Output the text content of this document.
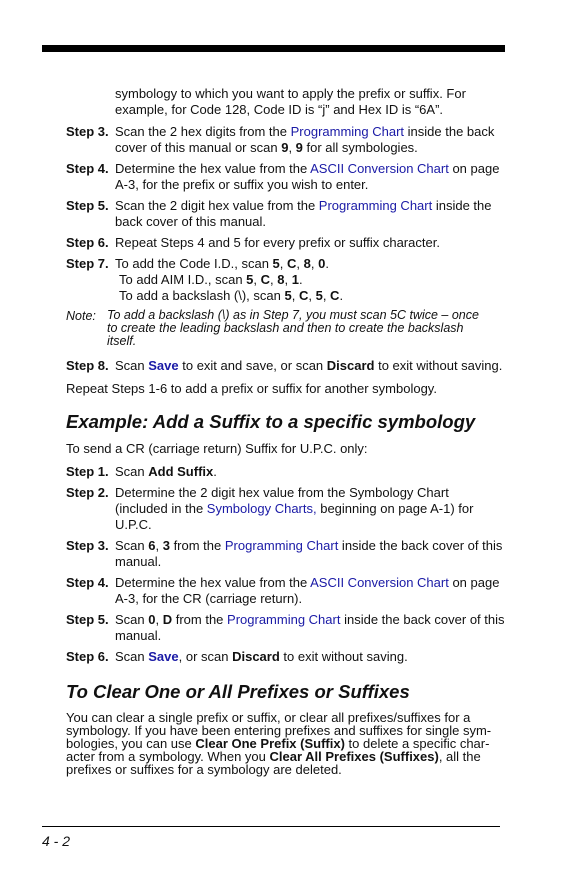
symbology to which you want to apply the prefix or suffix. For
example, for Code 128, Code ID is “j” and Hex ID is “6A”.

Step 3. Scan the 2 hex digits from the Programming Chart inside the back
cover of this manual or scan 9, 9 for all symbologies.
Step 4. Determine the hex value from the ASCII Conversion Chart on page
A-3, for the prefix or suffix you wish to enter.
Step 5. Scan the 2 digit hex value from the Programming Chart inside the
back cover of this manual.
Step 6. Repeat Steps 4 and 5 for every prefix or suffix character.
Step 7. To add the Code I.D., scan 5, C, 8, 0.
To add AIM I.D., scan 5, C, 8, 1.
To add a backslash (\), scan 5, C, 5, C.
Note: To add a backslash (\) as in Step 7, you must scan 5C twice – once
to create the leading backslash and then to create the backslash
itself.
Step 8. Scan Save to exit and save, or scan Discard to exit without saving.

Repeat Steps 1-6 to add a prefix or suffix for another symbology.

Example: Add a Suffix to a specific symbology

To send a CR (carriage return) Suffix for U.P.C. only:

Step 1. Scan Add Suffix.
Step 2. Determine the 2 digit hex value from the Symbology Chart
(included in the Symbology Charts, beginning on page A-1) for
U.P.C.
Step 3. Scan 6, 3 from the Programming Chart inside the back cover of this
manual.
Step 4. Determine the hex value from the ASCII Conversion Chart on page
A-3, for the CR (carriage return).
Step 5. Scan 0, D from the Programming Chart inside the back cover of this
manual.
Step 6. Scan Save, or scan Discard to exit without saving.
To Clear One or All Prefixes or Suffixes

You can clear a single prefix or suffix, or clear all prefixes/suffixes for a
symbology. If you have been entering prefixes and suffixes for single sym-
bologies, you can use Clear One Prefix (Suffix) to delete a specific char-
acter from a symbology. When you Clear All Prefixes (Suffixes), all the
prefixes or suffixes for a symbology are deleted.

4 - 2
